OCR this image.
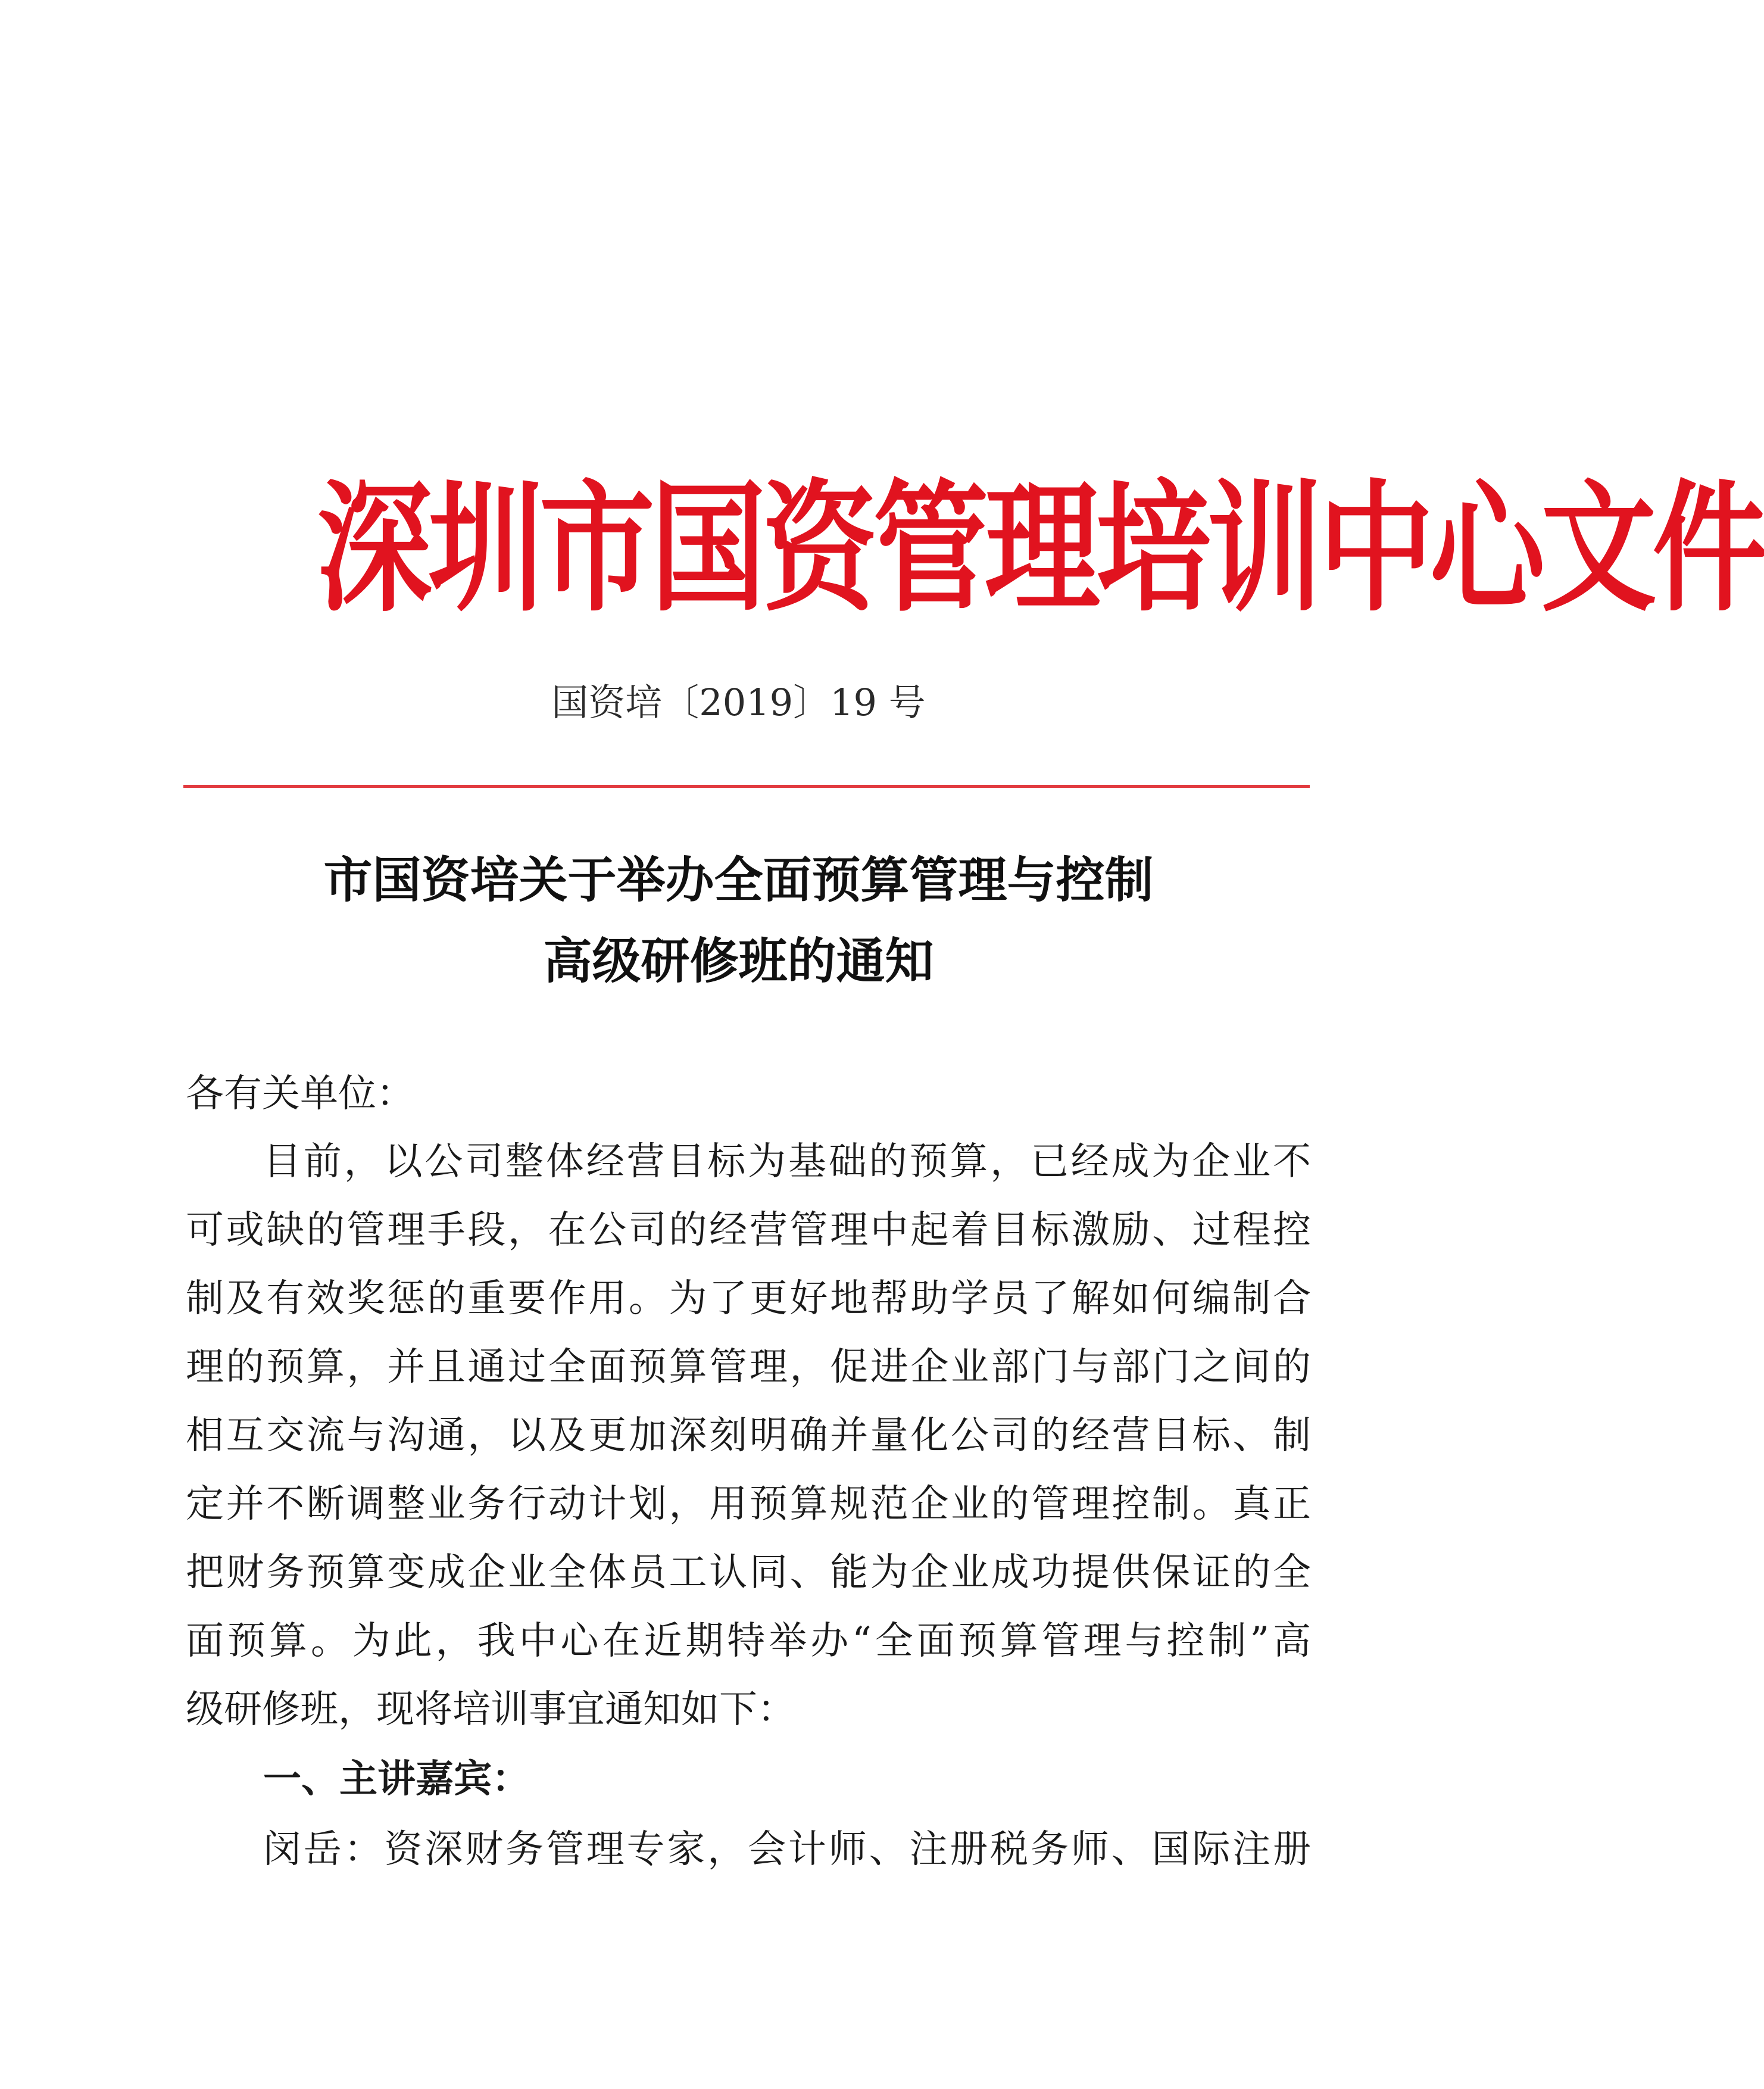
深圳市国资管理培训中心文件
国资培〔2019〕19 号
市国资培关于举办全面预算管理与控制
高级研修班的通知
各有关单位：
目前，以公司整体经营目标为基础的预算，已经成为企业不
可或缺的管理手段，在公司的经营管理中起着目标激励、过程控
制及有效奖惩的重要作用。为了更好地帮助学员了解如何编制合
理的预算，并且通过全面预算管理，促进企业部门与部门之间的
相互交流与沟通，以及更加深刻明确并量化公司的经营目标、制
定并不断调整业务行动计划，用预算规范企业的管理控制。真正
把财务预算变成企业全体员工认同、能为企业成功提供保证的全
面预算。为此，我中心在近期特举办“全面预算管理与控制”高
级研修班，现将培训事宜通知如下：
一、主讲嘉宾：
闵岳：资深财务管理专家，会计师、注册税务师、国际注册
